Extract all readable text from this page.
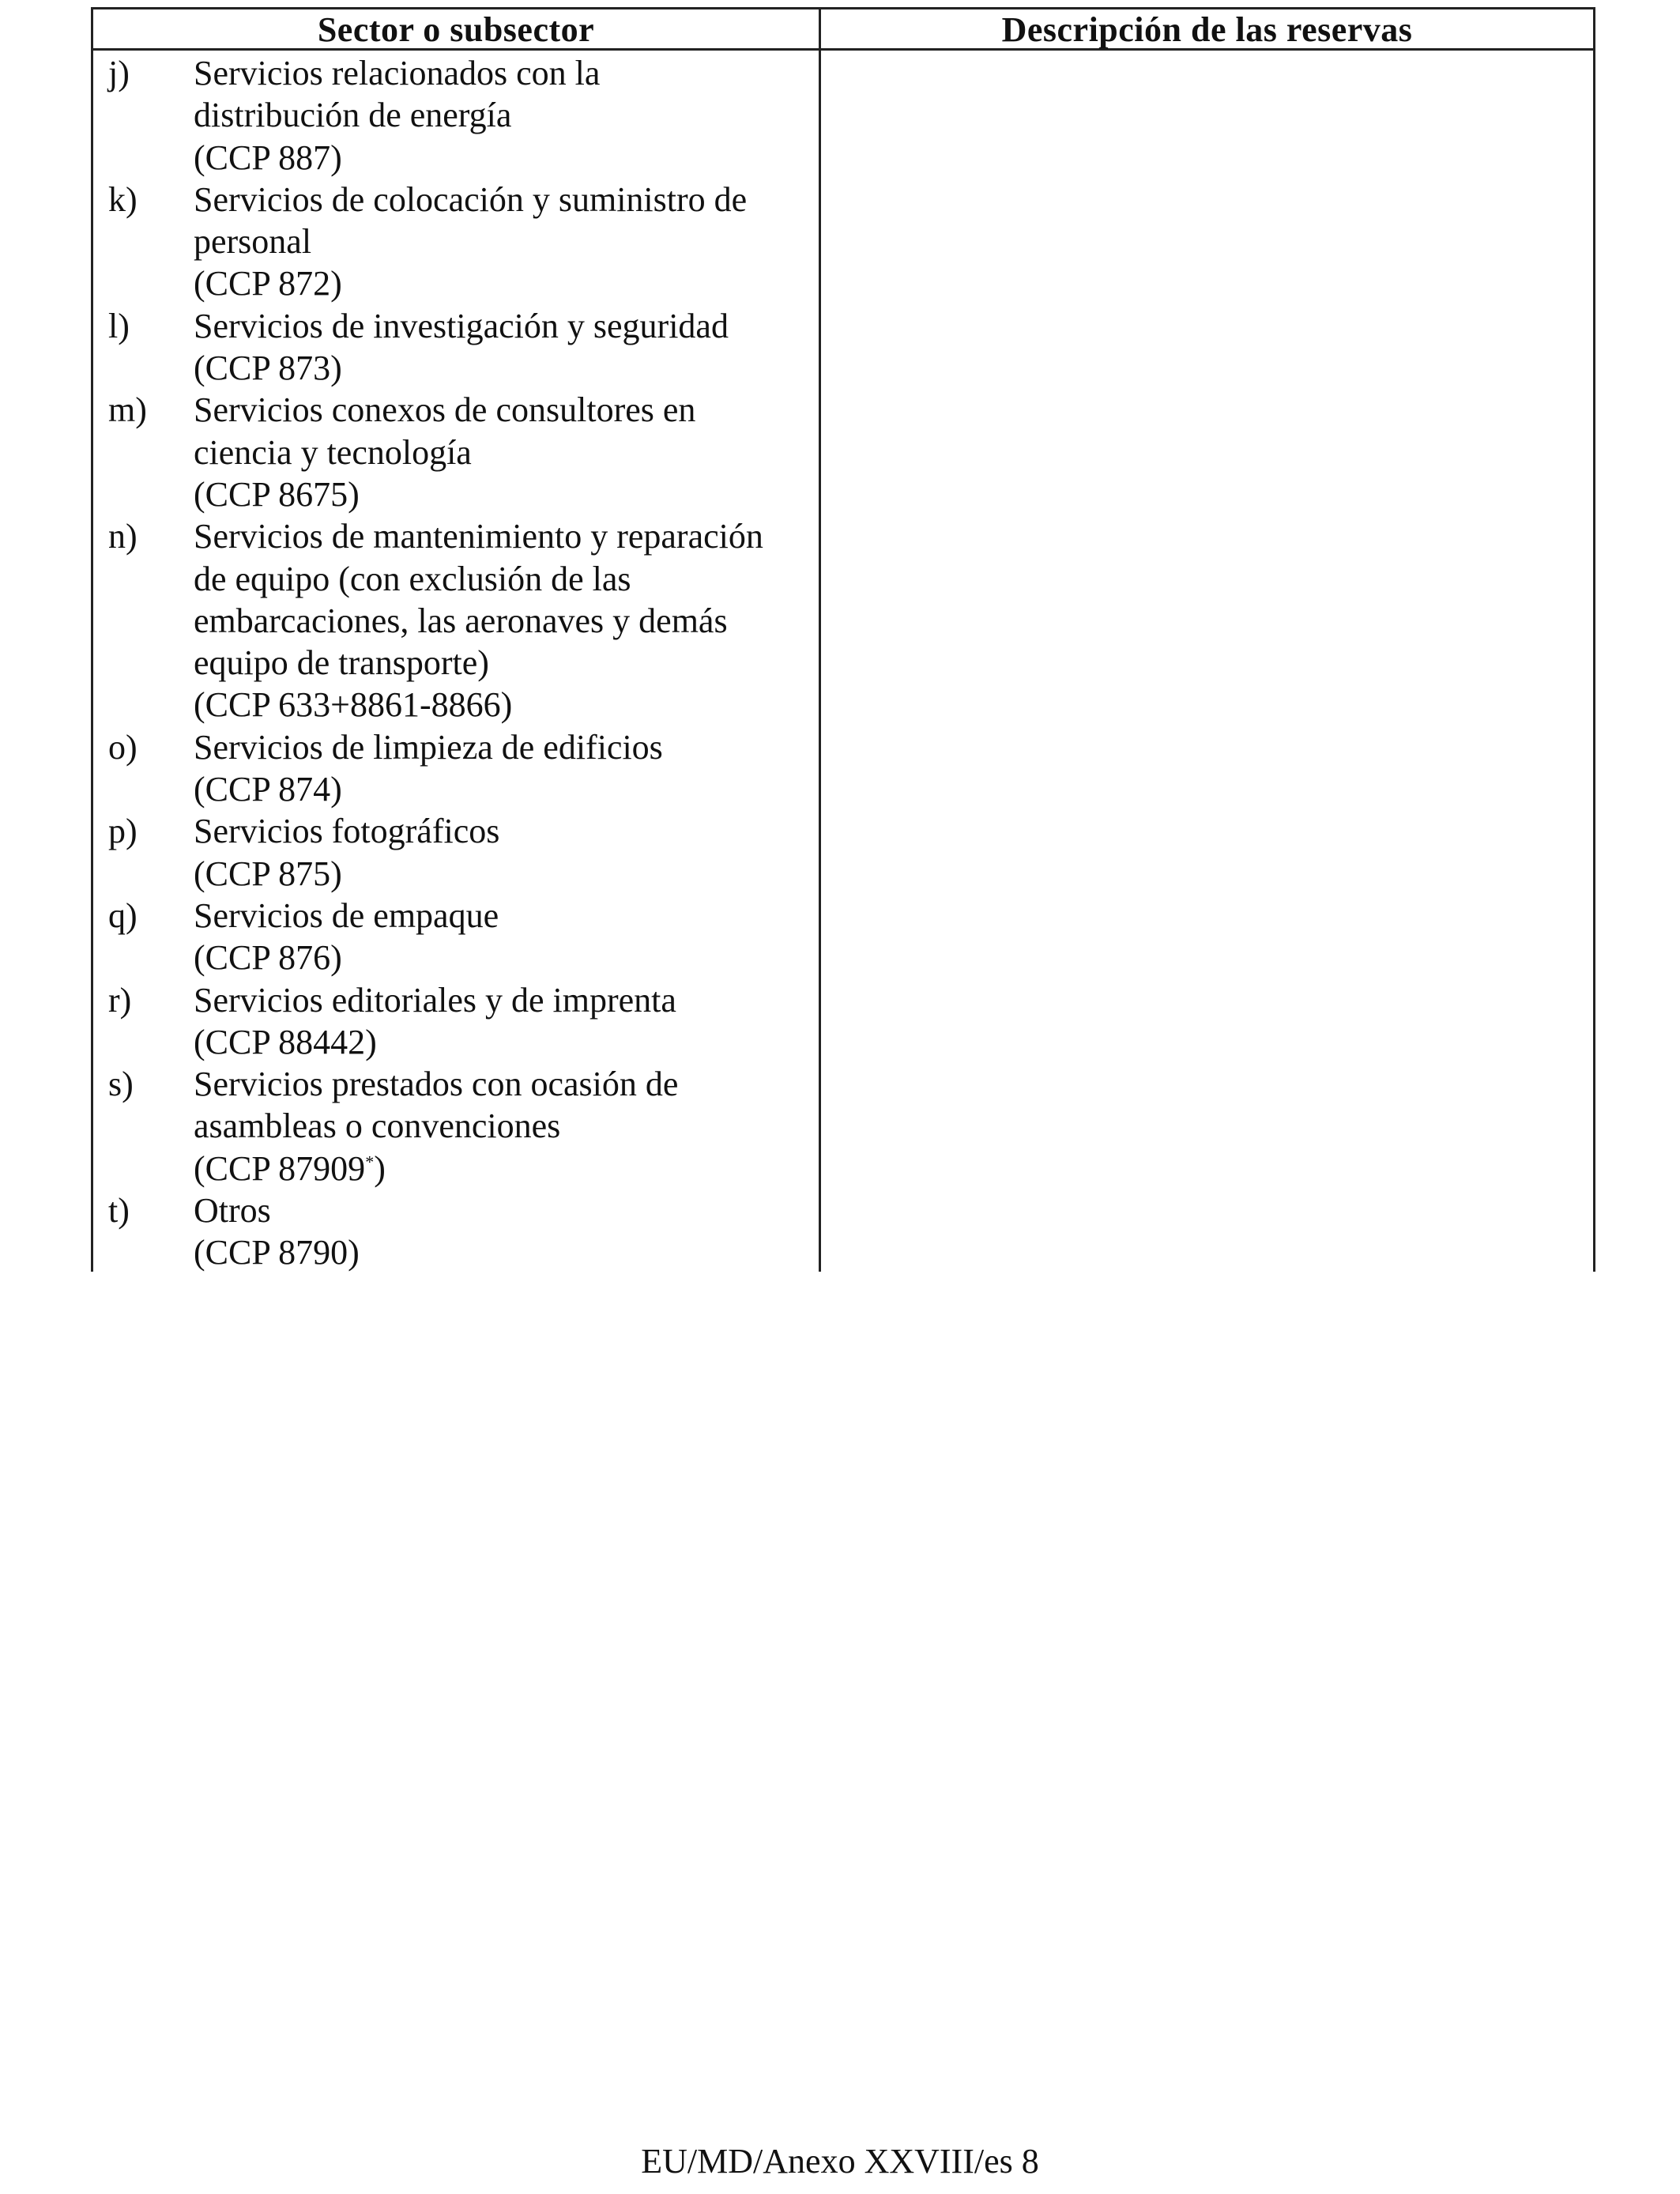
Sector o subsector	Descripción de las reservas
j) Servicios relacionados con la
distribución de energía
(CCP 887)
k) Servicios de colocación y suministro de
personal
(CCP 872)
l) Servicios de investigación y seguridad
(CCP 873)
m) Servicios conexos de consultores en
ciencia y tecnología
(CCP 8675)
n) Servicios de mantenimiento y reparación
de equipo (con exclusión de las
embarcaciones, las aeronaves y demás
equipo de transporte)
(CCP 633+8861-8866)
o) Servicios de limpieza de edificios
(CCP 874)
p) Servicios fotográficos
(CCP 875)
q) Servicios de empaque
(CCP 876)
r) Servicios editoriales y de imprenta
(CCP 88442)
s) Servicios prestados con ocasión de
asambleas o convenciones
(CCP 87909*)
t) Otros
(CCP 8790)
EU/MD/Anexo XXVIII/es 8
